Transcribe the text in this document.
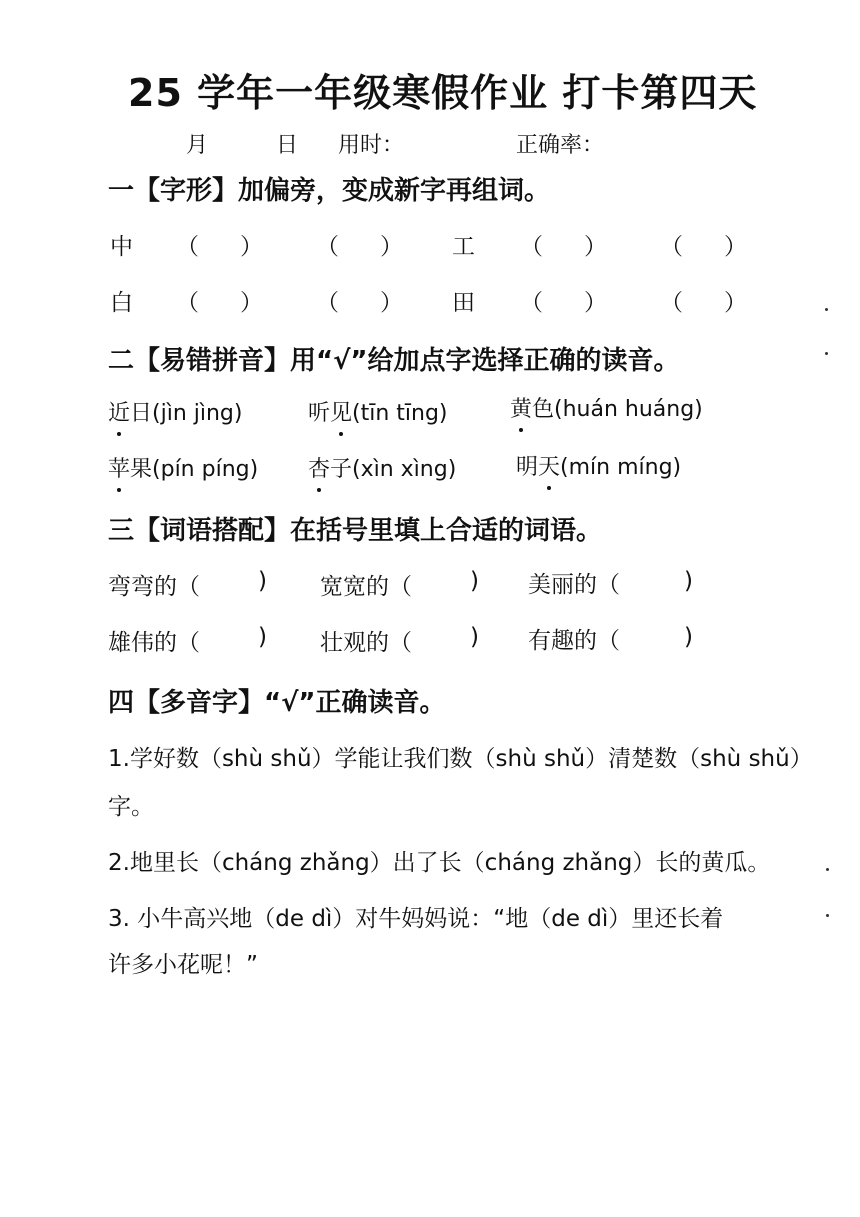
25 学年一年级寒假作业 打卡第四天
月	日 用时：	正确率：
一【字形】加偏旁，变成新字再组词。
中 （ ） （ ） 工 （ ） （ ）
白 （ ） （ ） 田 （ ） （ ）
二【易错拼音】用“√”给加点字选择正确的读音。
近日(jìn jìng)	听见(tīn tīng)	黄色(huán huáng)
苹果(pín píng) 杏子(xìn xìng)	明天(mín míng)
三【词语搭配】在括号里填上合适的词语。
弯弯的（	) 宽宽的（	) 美丽的（	)
雄伟的（	) 壮观的（	) 有趣的（	)
四【多音字】“√”正确读音。
1.学好数（shù shǔ）学能让我们数（shù shǔ）清楚数（shù shǔ）
字。
2.地里长（cháng zhǎng）出了长（cháng zhǎng）长的黄瓜。
3. 小牛高兴地（de dì）对牛妈妈说：“地（de dì）里还长着
许多小花呢！”
